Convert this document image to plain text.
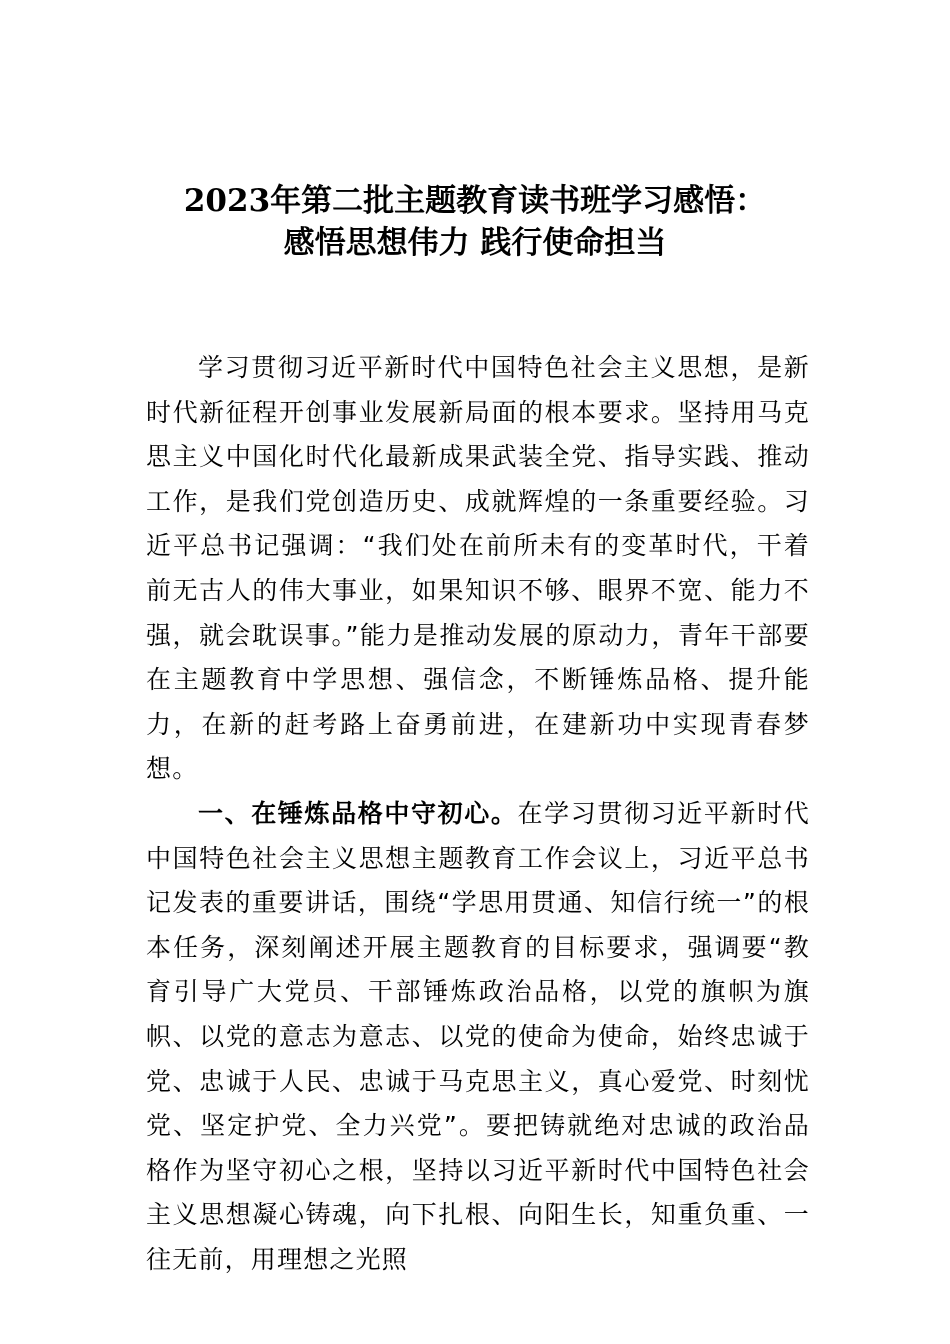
2023年第二批主题教育读书班学习感悟：
感悟思想伟力 践行使命担当

学习贯彻习近平新时代中国特色社会主义思想，是新时代新征程开创事业发展新局面的根本要求。坚持用马克思主义中国化时代化最新成果武装全党、指导实践、推动工作，是我们党创造历史、成就辉煌的一条重要经验。习近平总书记强调：“我们处在前所未有的变革时代，干着前无古人的伟大事业，如果知识不够、眼界不宽、能力不强，就会耽误事。”能力是推动发展的原动力，青年干部要在主题教育中学思想、强信念，不断锤炼品格、提升能力，在新的赶考路上奋勇前进，在建新功中实现青春梦想。

一、在锤炼品格中守初心。在学习贯彻习近平新时代中国特色社会主义思想主题教育工作会议上，习近平总书记发表的重要讲话，围绕“学思用贯通、知信行统一”的根本任务，深刻阐述开展主题教育的目标要求，强调要“教育引导广大党员、干部锤炼政治品格，以党的旗帜为旗帜、以党的意志为意志、以党的使命为使命，始终忠诚于党、忠诚于人民、忠诚于马克思主义，真心爱党、时刻忧党、坚定护党、全力兴党”。要把铸就绝对忠诚的政治品格作为坚守初心之根，坚持以习近平新时代中国特色社会主义思想凝心铸魂，向下扎根、向阳生长，知重负重、一往无前，用理想之光照
